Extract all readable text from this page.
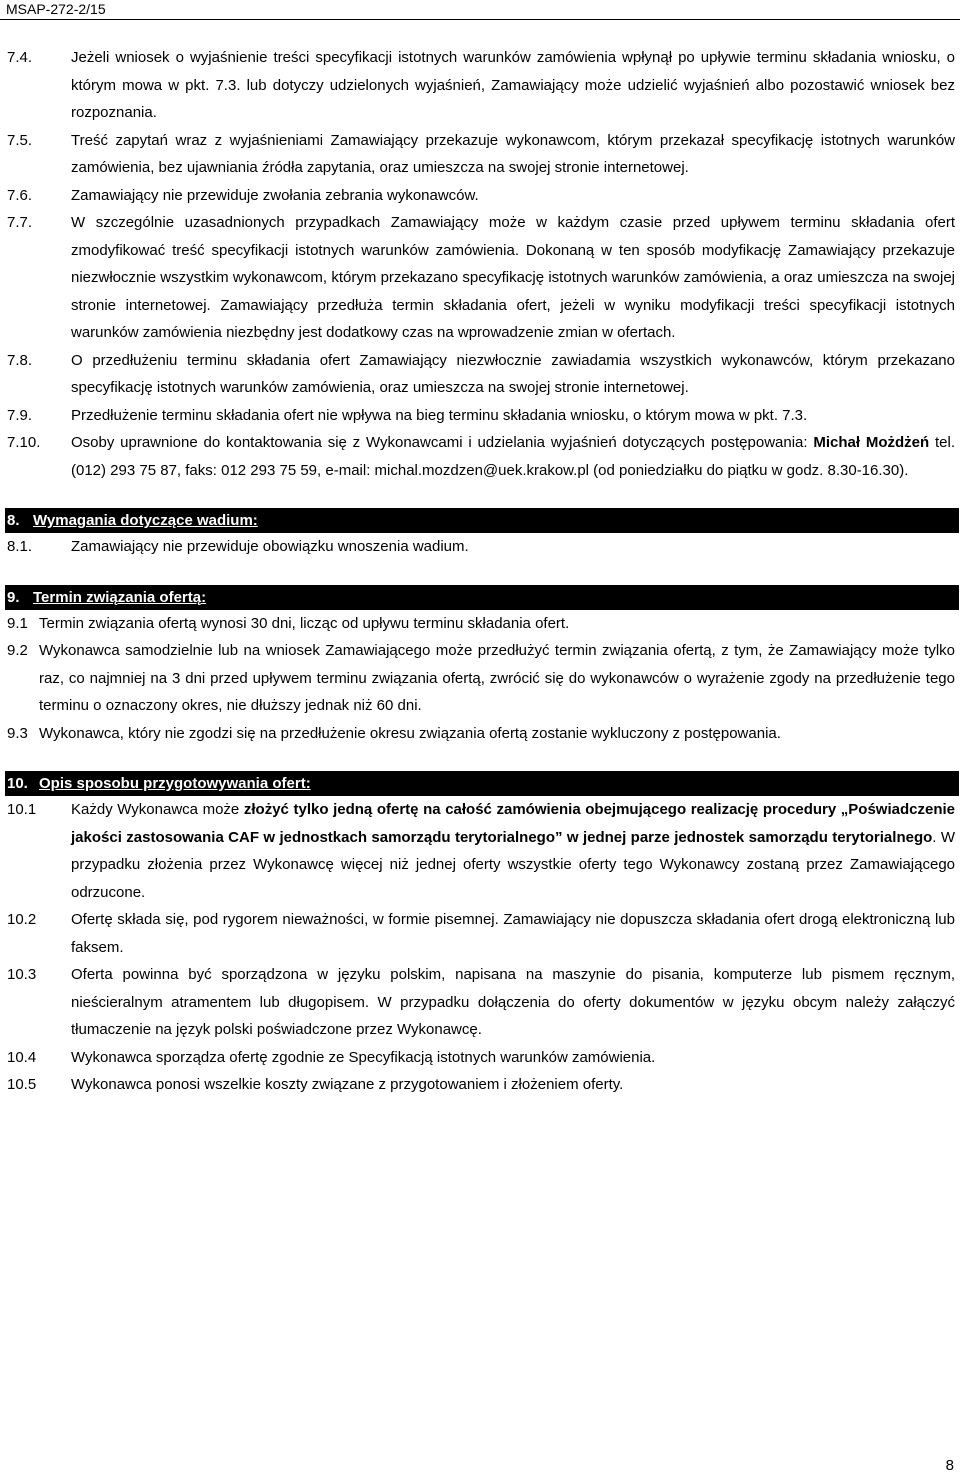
MSAP-272-2/15
7.4.	Jeżeli wniosek o wyjaśnienie treści specyfikacji istotnych warunków zamówienia wpłynął po upływie terminu składania wniosku, o którym mowa w pkt. 7.3. lub dotyczy udzielonych wyjaśnień, Zamawiający może udzielić wyjaśnień albo pozostawić wniosek bez rozpoznania.

7.5.	Treść zapytań wraz z wyjaśnieniami Zamawiający przekazuje wykonawcom, którym przekazał specyfikację istotnych warunków zamówienia, bez ujawniania źródła zapytania, oraz umieszcza na swojej stronie internetowej.

7.6.	Zamawiający nie przewiduje zwołania zebrania wykonawców.

7.7.	W szczególnie uzasadnionych przypadkach Zamawiający może w każdym czasie przed upływem terminu składania ofert zmodyfikować treść specyfikacji istotnych warunków zamówienia. Dokonaną w ten sposób modyfikację Zamawiający przekazuje niezwłocznie wszystkim wykonawcom, którym przekazano specyfikację istotnych warunków zamówienia, a oraz umieszcza na swojej stronie internetowej. Zamawiający przedłuża termin składania ofert, jeżeli w wyniku modyfikacji treści specyfikacji istotnych warunków zamówienia niezbędny jest dodatkowy czas na wprowadzenie zmian w ofertach.

7.8.	O przedłużeniu terminu składania ofert Zamawiający niezwłocznie zawiadamia wszystkich wykonawców, którym przekazano specyfikację istotnych warunków zamówienia, oraz umieszcza na swojej stronie internetowej.

7.9.	Przedłużenie terminu składania ofert nie wpływa na bieg terminu składania wniosku, o którym mowa w pkt. 7.3.

7.10.	Osoby uprawnione do kontaktowania się z Wykonawcami i udzielania wyjaśnień dotyczących postępowania: Michał Możdżeń tel. (012) 293 75 87, faks: 012 293 75 59, e-mail: michal.mozdzen@uek.krakow.pl (od poniedziałku do piątku w godz. 8.30-16.30).

8. Wymagania dotyczące wadium:
8.1.	Zamawiający nie przewiduje obowiązku wnoszenia wadium.

9. Termin związania ofertą:
9.1 Termin związania ofertą wynosi 30 dni, licząc od upływu terminu składania ofert.

9.2 Wykonawca samodzielnie lub na wniosek Zamawiającego może przedłużyć termin związania ofertą, z tym, że Zamawiający może tylko raz, co najmniej na 3 dni przed upływem terminu związania ofertą, zwrócić się do wykonawców o wyrażenie zgody na przedłużenie tego terminu o oznaczony okres, nie dłuższy jednak niż 60 dni.

9.3 Wykonawca, który nie zgodzi się na przedłużenie okresu związania ofertą zostanie wykluczony z postępowania.

10. Opis sposobu przygotowywania ofert:
10.1	Każdy Wykonawca może złożyć tylko jedną ofertę na całość zamówienia obejmującego realizację procedury „Poświadczenie jakości zastosowania CAF w jednostkach samorządu terytorialnego” w jednej parze jednostek samorządu terytorialnego. W przypadku złożenia przez Wykonawcę więcej niż jednej oferty wszystkie oferty tego Wykonawcy zostaną przez Zamawiającego odrzucone.

10.2	Ofertę składa się, pod rygorem nieważności, w formie pisemnej. Zamawiający nie dopuszcza składania ofert drogą elektroniczną lub faksem.

10.3	Oferta powinna być sporządzona w języku polskim, napisana na maszynie do pisania, komputerze lub pismem ręcznym, nieścieralnym atramentem lub długopisem. W przypadku dołączenia do oferty dokumentów w języku obcym należy załączyć tłumaczenie na język polski poświadczone przez Wykonawcę.

10.4	Wykonawca sporządza ofertę zgodnie ze Specyfikacją istotnych warunków zamówienia.

10.5	Wykonawca ponosi wszelkie koszty związane z przygotowaniem i złożeniem oferty.

8
